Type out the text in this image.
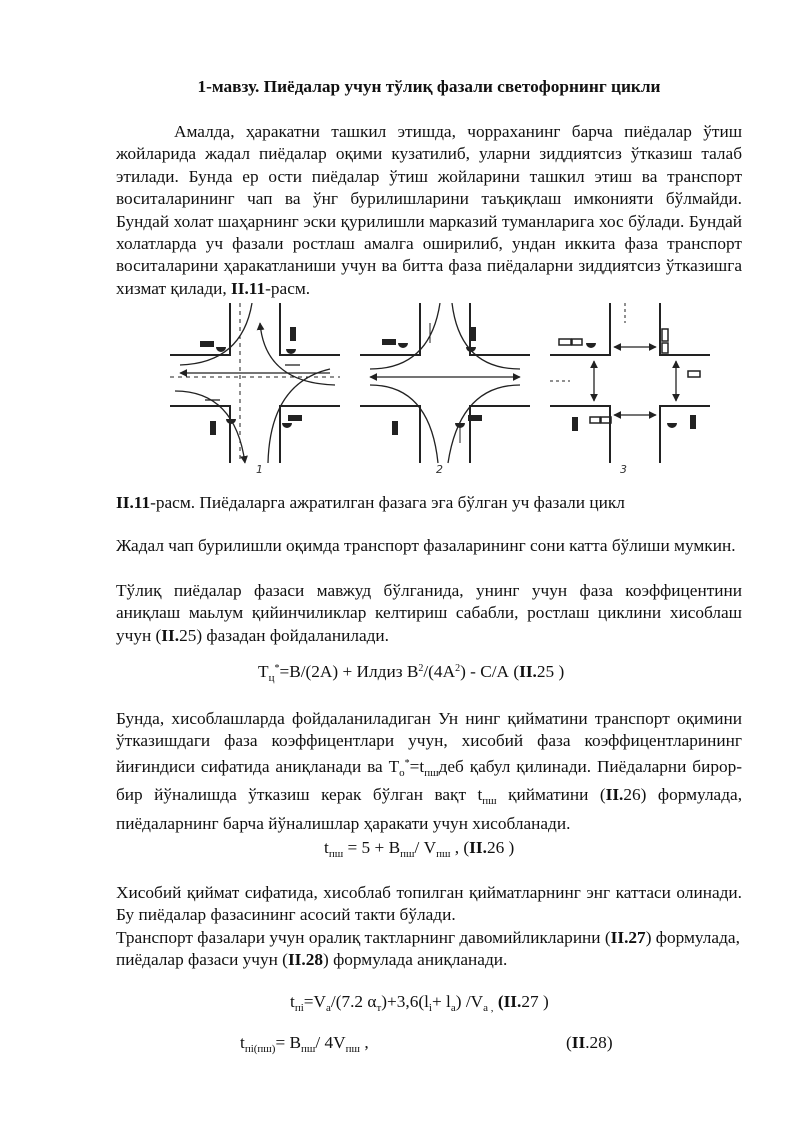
1-мавзу. Пиёдалар учун тўлиқ фазали светофорнинг цикли
Амалда, ҳаракатни ташкил этишда, чорраханинг барча пиёдалар ўтиш жойларида жадал пиёдалар оқими кузатилиб, уларни зиддиятсиз ўтказиш талаб этилади. Бунда ер ости пиёдалар ўтиш жойларини ташкил этиш ва транспорт воситаларининг чап ва ўнг бурилишларини таъқиқлаш имконияти бўлмайди. Бундай холат шаҳарнинг эски қурилишли марказий туманларига хос бўлади. Бундай холатларда уч фазали ростлаш амалга оширилиб, ундан иккита фаза транспорт воситаларини ҳаракатланиши учун ва битта фаза пиёдаларни зиддиятсиз ўтказишга хизмат қилади, II.11-расм.
1	2	3
II.11-расм. Пиёдаларга ажратилган фазага эга бўлган уч фазали цикл
Жадал чап бурилишли оқимда транспорт фазаларининг сони катта бўлиши мумкин.
Тўлиқ пиёдалар фазаси мавжуд бўлганида, унинг учун фаза коэффицентини аниқлаш маьлум қийинчиликлар келтириш сабабли, ростлаш циклини хисоблаш учун (II.25) фазадан фойдаланилади.
$Т_ц^*=В/(2А)$ + Илдиз $В^2/(4А^2) - С/А$ (II.25 )
Бунда, хисоблашларда фойдаланиладиган Ун нинг қийматини транспорт оқимини ўтказишдаги фаза коэффицентлари учун, хисобий фаза коэффицентларининг йиғиндиси сифатида аниқланади ва $Т_о^*=t_{пш}деб$ қабул қилинади. Пиёдаларни бирор-бир йўналишда ўтказиш керак бўлган вақт $t_{пш}$ қийматини (II.26) формулада, пиёдаларнинг барча йўналишлар ҳаракати учун хисобланади.
$t_{пш} = 5 + В_{пш}/$ $V_{пш}$ , (II.26 )
Хисобий қиймат сифатида, хисоблаб топилган қийматларнинг энг каттаси олинади. Бу пиёдалар фазасининг асосий такти бўлади.
Транспорт фазалари учун оралиқ тактларнинг давомийликларини (II.27) формулада, пиёдалар фазаси учун (II.28) формулада аниқланади.
$t_{пi}=V_a/(7.2$ $\alpha_т)+3,6(l_i+ l_a)$ $/V_{a ,}$ (II.27 )
$t_{пi(пш)}= В_{пш}/$ $4V_{пш}$ ,	(II.28)
